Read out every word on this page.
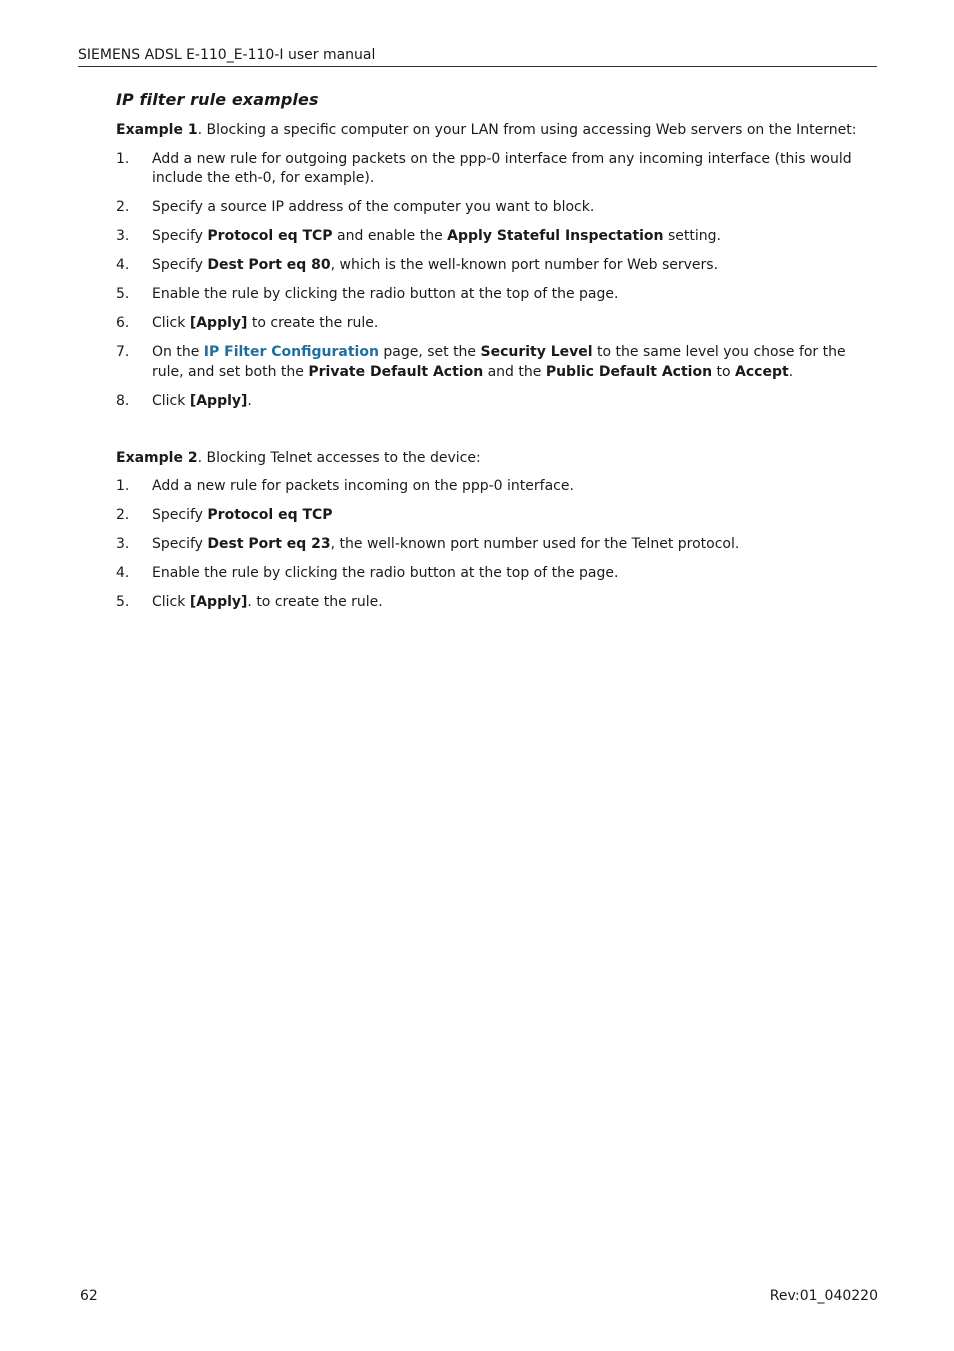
SIEMENS ADSL E-110_E-110-I user manual
IP filter rule examples

Example 1. Blocking a specific computer on your LAN from using accessing Web servers on the Internet:

1. Add a new rule for outgoing packets on the ppp-0 interface from any incoming interface (this would include the eth-0, for example).
2. Specify a source IP address of the computer you want to block.
3. Specify Protocol eq TCP and enable the Apply Stateful Inspectation setting.
4. Specify Dest Port eq 80, which is the well-known port number for Web servers.
5. Enable the rule by clicking the radio button at the top of the page.
6. Click [Apply] to create the rule.
7. On the IP Filter Configuration page, set the Security Level to the same level you chose for the rule, and set both the Private Default Action and the Public Default Action to Accept.
8. Click [Apply].

Example 2. Blocking Telnet accesses to the device:

1. Add a new rule for packets incoming on the ppp-0 interface.
2. Specify Protocol eq TCP
3. Specify Dest Port eq 23, the well-known port number used for the Telnet protocol.
4. Enable the rule by clicking the radio button at the top of the page.
5. Click [Apply]. to create the rule.
62	Rev:01_040220
